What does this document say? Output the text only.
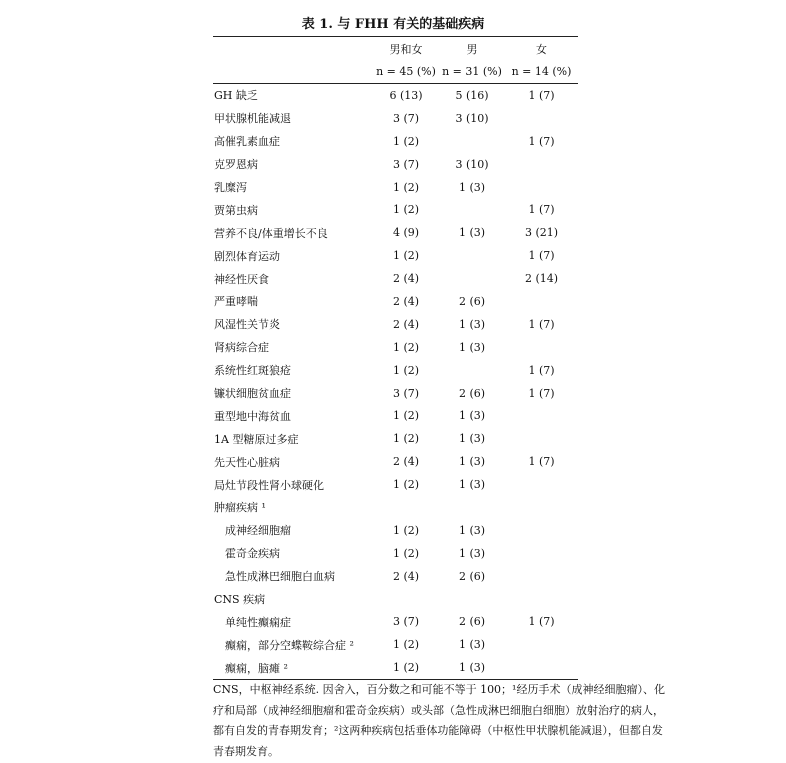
表 1. 与 FHH 有关的基础疾病
	男和女	男	女
	n = 45 (%)	n = 31 (%)	n = 14 (%)
GH 缺乏	6 (13)	5 (16)	1 (7)
甲状腺机能减退	3 (7)	3 (10)	
高催乳素血症	1 (2)		1 (7)
克罗恩病	3 (7)	3 (10)	
乳糜泻	1 (2)	1 (3)	
贾第虫病	1 (2)		1 (7)
营养不良/体重增长不良	4 (9)	1 (3)	3 (21)
剧烈体育运动	1 (2)		1 (7)
神经性厌食	2 (4)		2 (14)
严重哮喘	2 (4)	2 (6)	
风湿性关节炎	2 (4)	1 (3)	1 (7)
肾病综合症	1 (2)	1 (3)	
系统性红斑狼疮	1 (2)		1 (7)
镰状细胞贫血症	3 (7)	2 (6)	1 (7)
重型地中海贫血	1 (2)	1 (3)	
1A 型糖原过多症	1 (2)	1 (3)	
先天性心脏病	2 (4)	1 (3)	1 (7)
局灶节段性肾小球硬化	1 (2)	1 (3)	
肿瘤疾病 ¹			
成神经细胞瘤	1 (2)	1 (3)	
霍奇金疾病	1 (2)	1 (3)	
急性成淋巴细胞白血病	2 (4)	2 (6)	
CNS 疾病			
单纯性癫痫症	3 (7)	2 (6)	1 (7)
癫痫，部分空蝶鞍综合症 ²	1 (2)	1 (3)	
癫痫，脑瘫 ²	1 (2)	1 (3)	
CNS，中枢神经系统. 因舍入，百分数之和可能不等于 100；¹经历手术（成神经细胞瘤）、化疗和局部（成神经细胞瘤和霍奇金疾病）或头部（急性成淋巴细胞白细胞）放射治疗的病人，都有自发的青春期发育；²这两种疾病包括垂体功能障碍（中枢性甲状腺机能减退），但都自发青春期发育。
